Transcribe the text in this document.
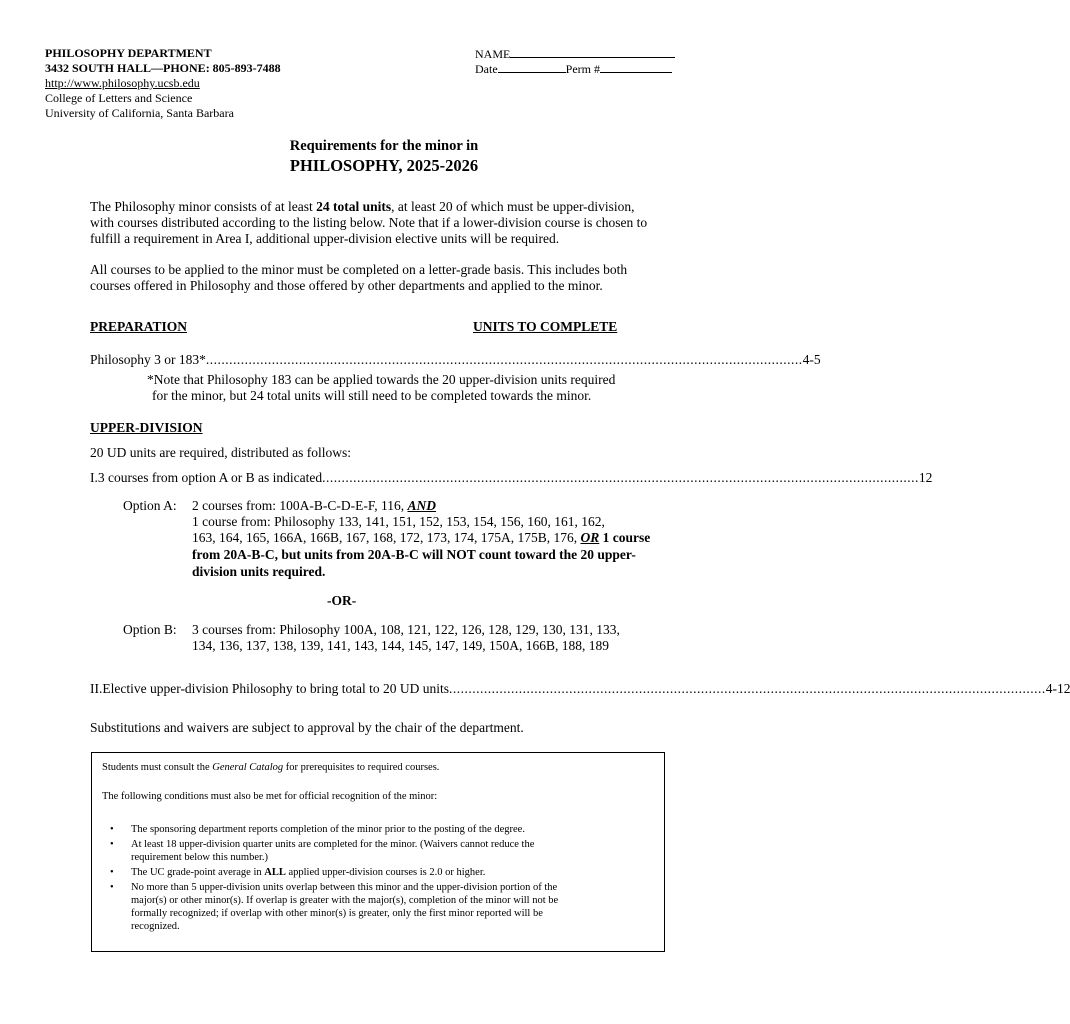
PHILOSOPHY DEPARTMENT
3432 SOUTH HALL—PHONE: 805-893-7488
http://www.philosophy.ucsb.edu
College of Letters and Science
University of California, Santa Barbara
NAME
Date	Perm #
Requirements for the minor in
PHILOSOPHY, 2025-2026
The Philosophy minor consists of at least 24 total units, at least 20 of which must be upper-division,
with courses distributed according to the listing below. Note that if a lower-division course is chosen to
fulfill a requirement in Area I, additional upper-division elective units will be required.
All courses to be applied to the minor must be completed on a letter-grade basis. This includes both
courses offered in Philosophy and those offered by other departments and applied to the minor.
PREPARATION	UNITS TO COMPLETE
Philosophy 3 or 183* .......................................................................................................................................................... 4-5
*Note that Philosophy 183 can be applied towards the 20 upper-division units required
for the minor, but 24 total units will still need to be completed towards the minor.
UPPER-DIVISION
20 UD units are required, distributed as follows:
I. 3 courses from option A or B as indicated .......................................................................................................................................................... 12
Option A: 2 courses from: 100A-B-C-D-E-F, 116, AND
1 course from: Philosophy 133, 141, 151, 152, 153, 154, 156, 160, 161, 162,
163, 164, 165, 166A, 166B, 167, 168, 172, 173, 174, 175A, 175B, 176, OR 1 course
from 20A-B-C, but units from 20A-B-C will NOT count toward the 20 upper-
division units required.
-OR-
Option B: 3 courses from: Philosophy 100A, 108, 121, 122, 126, 128, 129, 130, 131, 133,
134, 136, 137, 138, 139, 141, 143, 144, 145, 147, 149, 150A, 166B, 188, 189
II. Elective upper-division Philosophy to bring total to 20 UD units .......................................................................................................................................................... 4-12
Substitutions and waivers are subject to approval by the chair of the department.
Students must consult the General Catalog for prerequisites to required courses.
The following conditions must also be met for official recognition of the minor:
• The sponsoring department reports completion of the minor prior to the posting of the degree.
• At least 18 upper-division quarter units are completed for the minor. (Waivers cannot reduce the
requirement below this number.)
• The UC grade-point average in ALL applied upper-division courses is 2.0 or higher.
• No more than 5 upper-division units overlap between this minor and the upper-division portion of the
major(s) or other minor(s). If overlap is greater with the major(s), completion of the minor will not be
formally recognized; if overlap with other minor(s) is greater, only the first minor reported will be
recognized.
